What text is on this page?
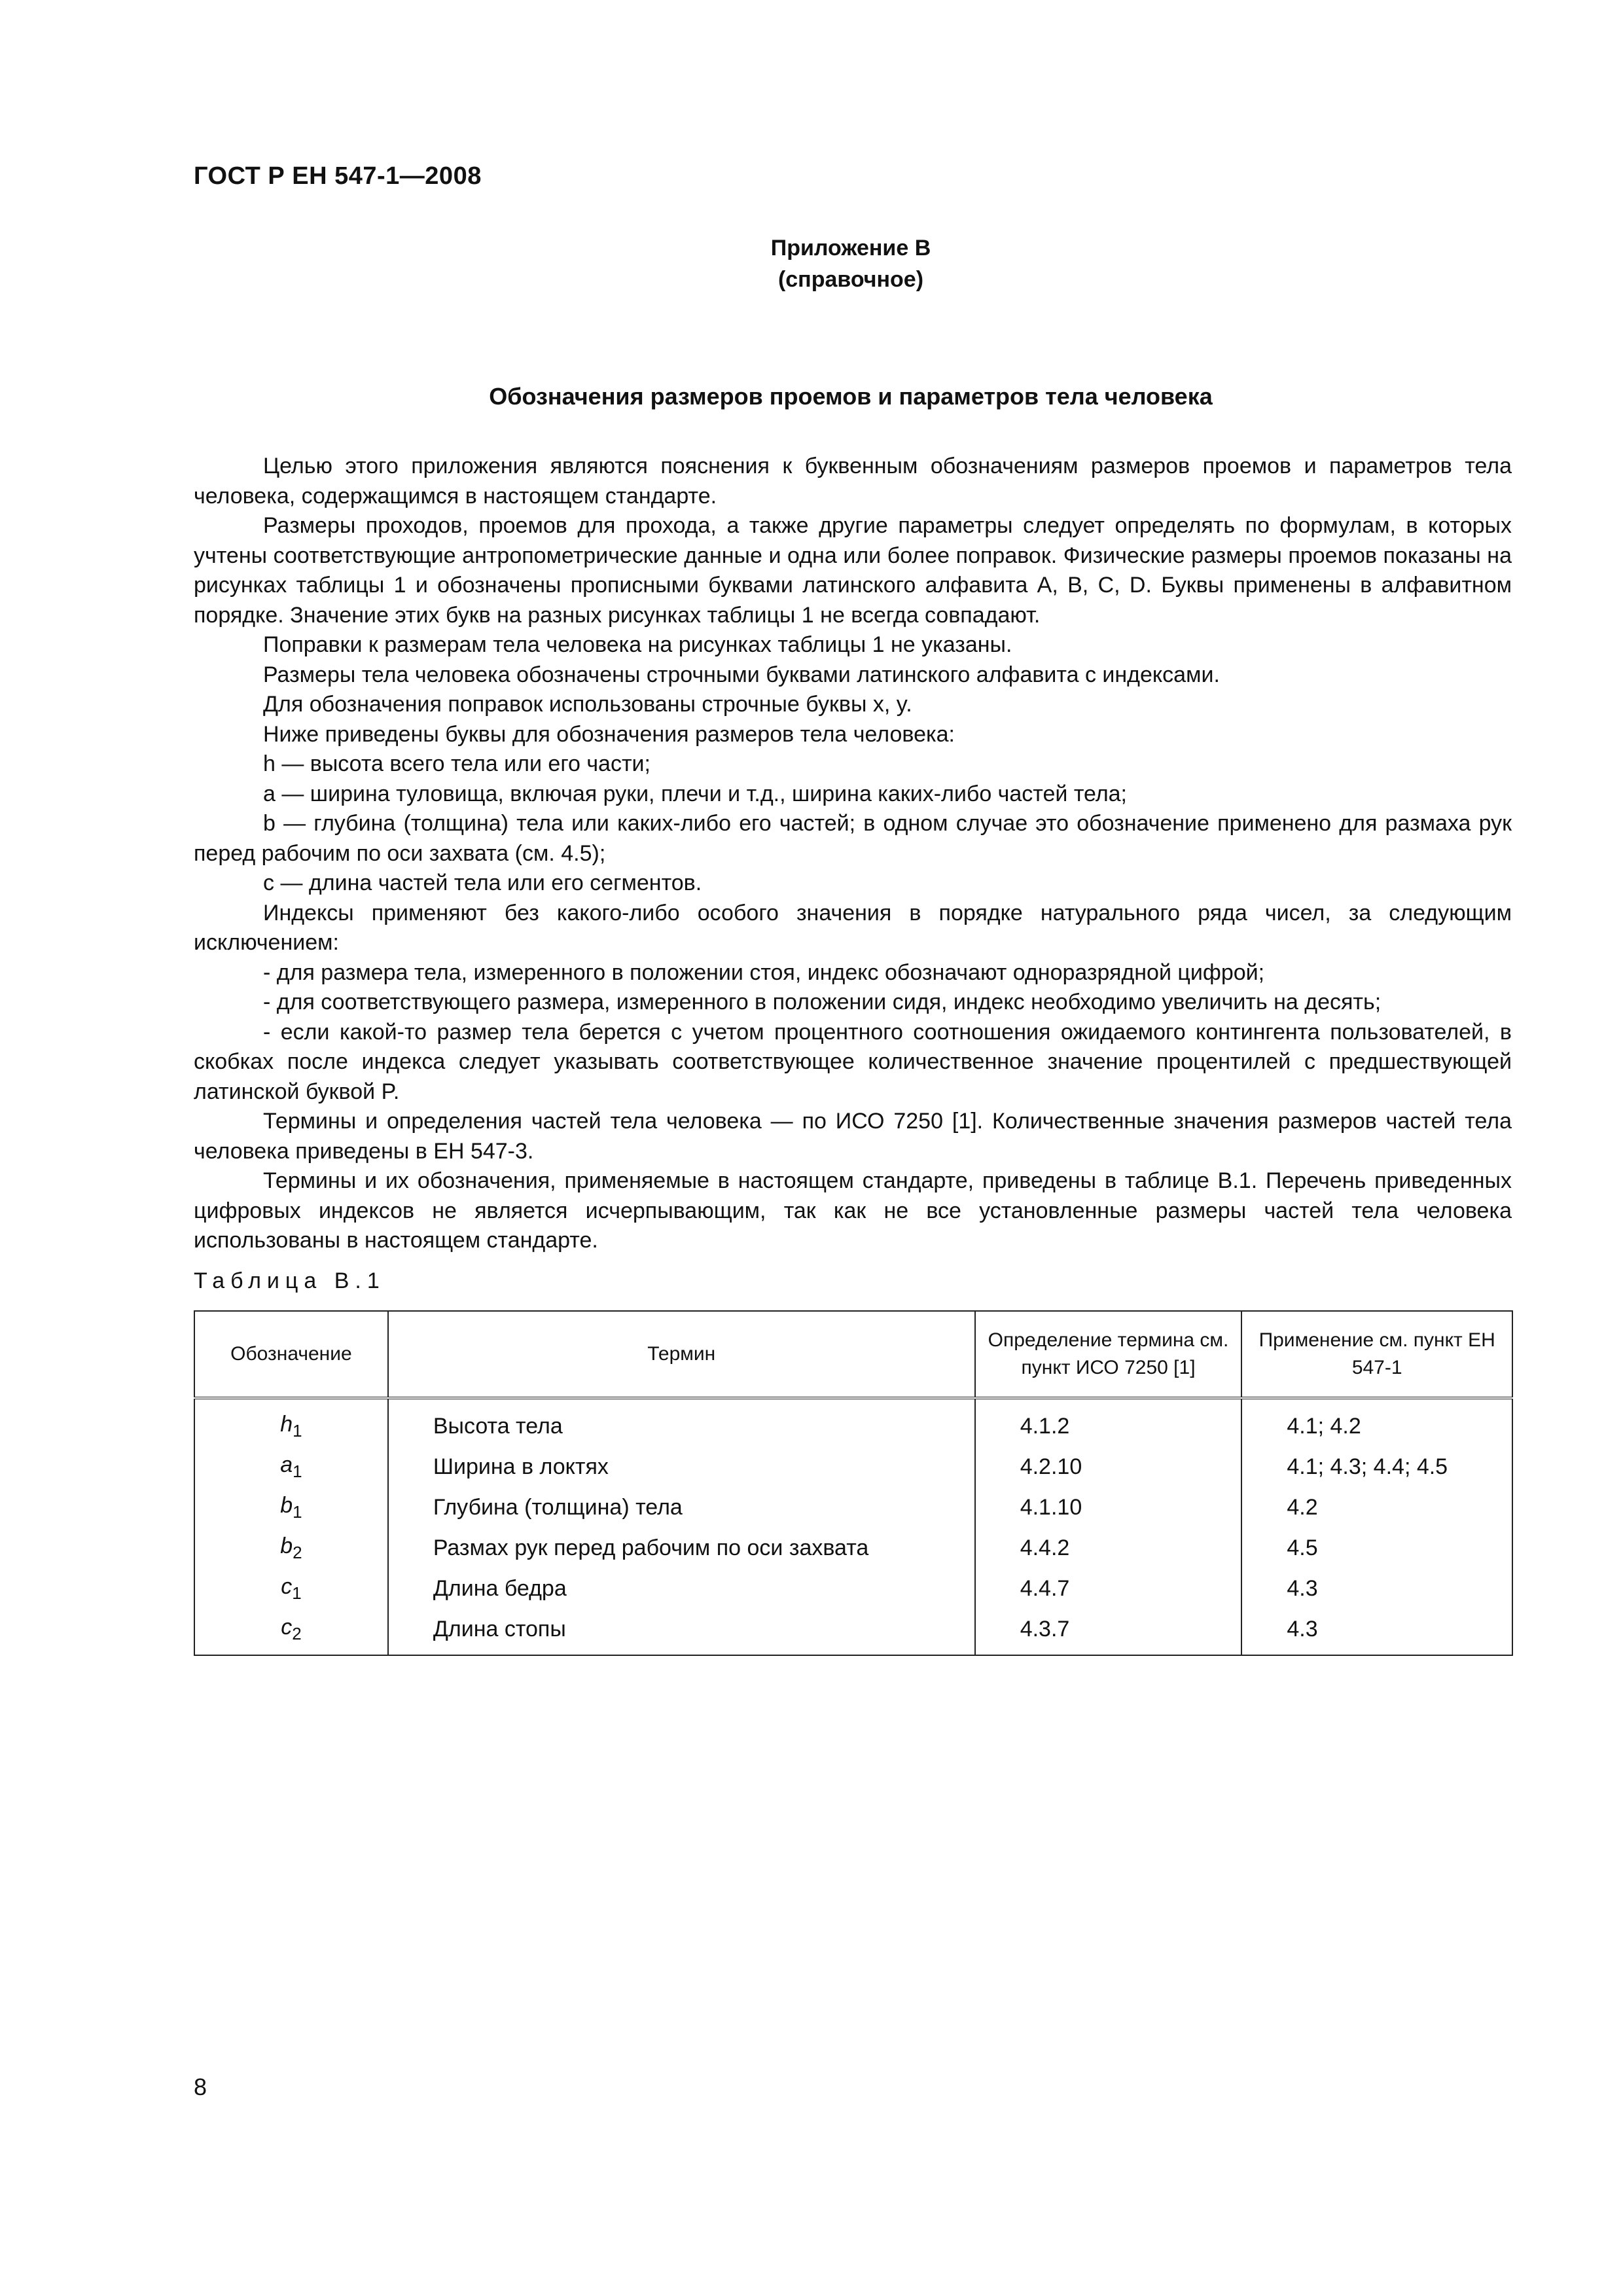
ГОСТ Р ЕН 547-1—2008
Приложение В
(справочное)
Обозначения размеров проемов и параметров тела человека

Целью этого приложения являются пояснения к буквенным обозначениям размеров проемов и параметров тела человека, содержащимся в настоящем стандарте.

Размеры проходов, проемов для прохода, а также другие параметры следует определять по формулам, в которых учтены соответствующие антропометрические данные и одна или более поправок. Физические размеры проемов показаны на рисунках таблицы 1 и обозначены прописными буквами латинского алфавита A, B, C, D. Буквы применены в алфавитном порядке. Значение этих букв на разных рисунках таблицы 1 не всегда совпадают.

Поправки к размерам тела человека на рисунках таблицы 1 не указаны.

Размеры тела человека обозначены строчными буквами латинского алфавита с индексами.

Для обозначения поправок использованы строчные буквы x, y.

Ниже приведены буквы для обозначения размеров тела человека:

h — высота всего тела или его части;

a — ширина туловища, включая руки, плечи и т.д., ширина каких-либо частей тела;

b — глубина (толщина) тела или каких-либо его частей; в одном случае это обозначение применено для размаха рук перед рабочим по оси захвата (см. 4.5);

c — длина частей тела или его сегментов.

Индексы применяют без какого-либо особого значения в порядке натурального ряда чисел, за следующим исключением:

- для размера тела, измеренного в положении стоя, индекс обозначают одноразрядной цифрой;

- для соответствующего размера, измеренного в положении сидя, индекс необходимо увеличить на десять;

- если какой-то размер тела берется с учетом процентного соотношения ожидаемого контингента пользователей, в скобках после индекса следует указывать соответствующее количественное значение процентилей с предшествующей латинской буквой P.

Термины и определения частей тела человека — по ИСО 7250 [1]. Количественные значения размеров частей тела человека приведены в ЕН 547-3.

Термины и их обозначения, применяемые в настоящем стандарте, приведены в таблице В.1. Перечень приведенных цифровых индексов не является исчерпывающим, так как не все установленные размеры частей тела человека использованы в настоящем стандарте.

Таблица В.1
Обозначение	Термин	Определение термина см. пункт ИСО 7250 [1]	Применение см. пункт ЕН 547-1
$h_1$	Высота тела	4.1.2	4.1; 4.2
$a_1$	Ширина в локтях	4.2.10	4.1; 4.3; 4.4; 4.5
$b_1$	Глубина (толщина) тела	4.1.10	4.2
$b_2$	Размах рук перед рабочим по оси захвата	4.4.2	4.5
$c_1$	Длина бедра	4.4.7	4.3
$c_2$	Длина стопы	4.3.7	4.3
8
